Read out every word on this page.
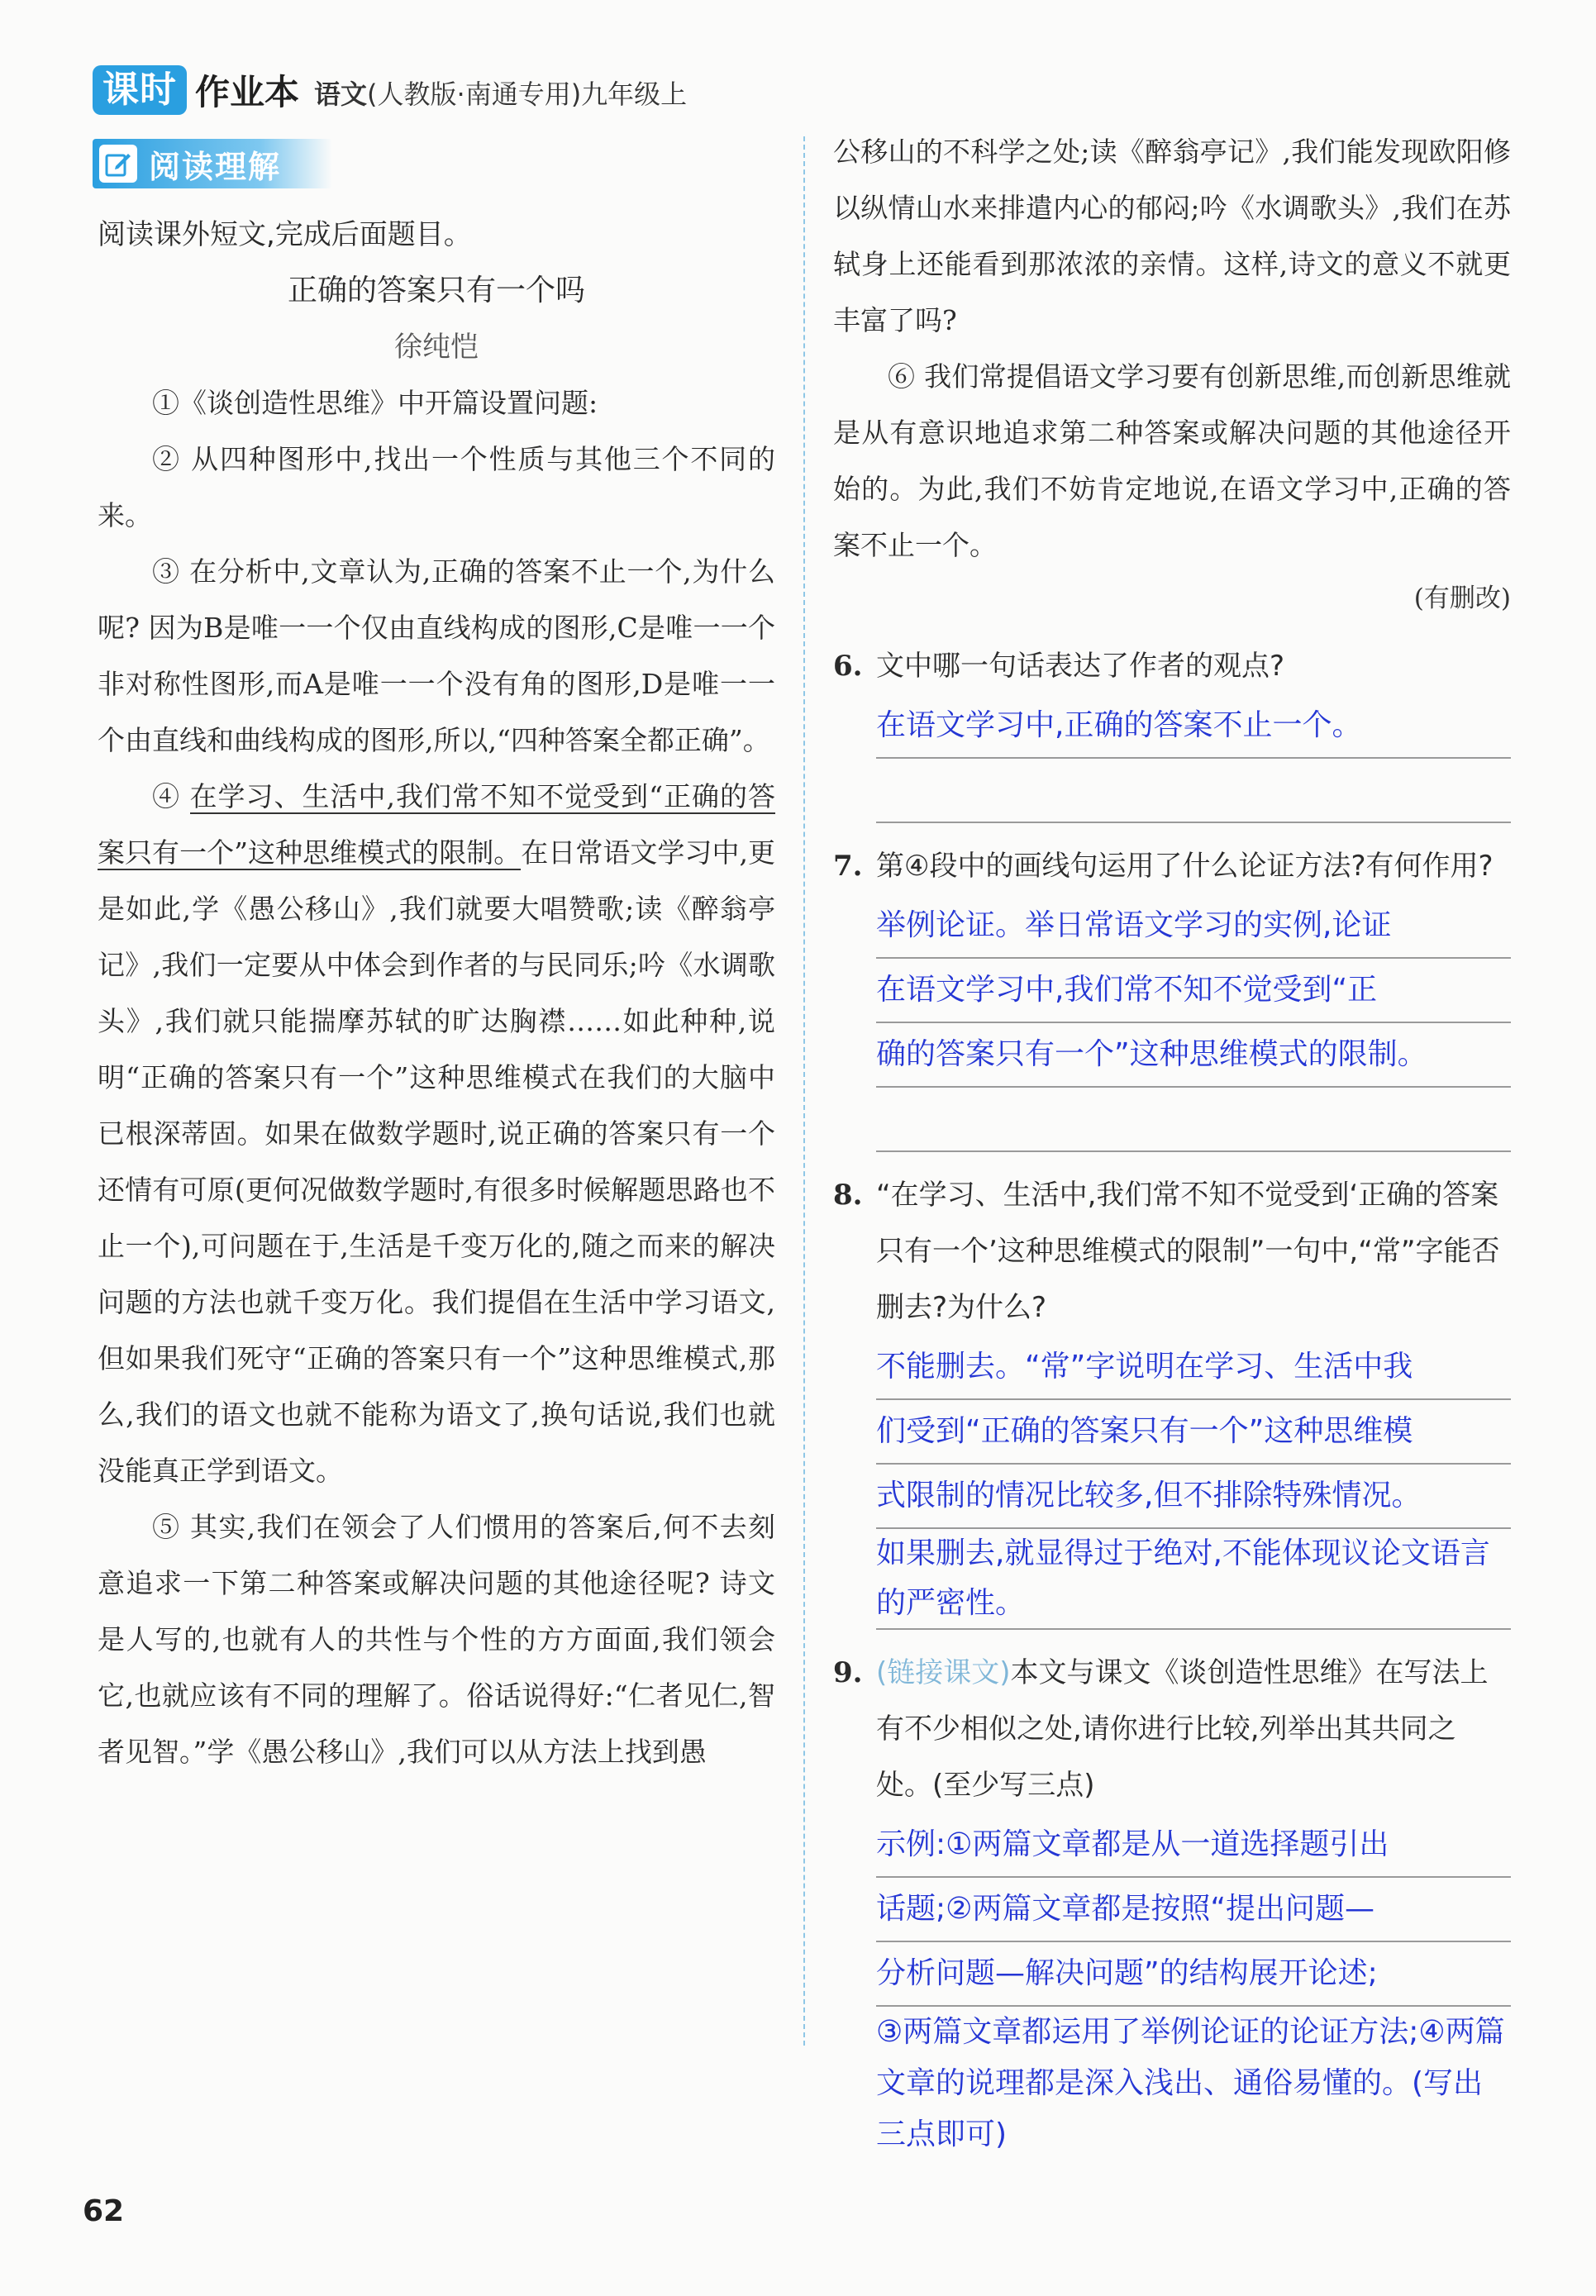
课时 作业本 语文(人教版·南通专用)九年级上
阅读理解

阅读课外短文,完成后面题目。

正确的答案只有一个吗

徐纯恺

①《谈创造性思维》中开篇设置问题:

② 从四种图形中,找出一个性质与其他三个不同的来。

③ 在分析中,文章认为,正确的答案不止一个,为什么呢? 因为B是唯一一个仅由直线构成的图形,C是唯一一个非对称性图形,而A是唯一一个没有角的图形,D是唯一一个由直线和曲线构成的图形,所以,“四种答案全都正确”。

④ 在学习、生活中,我们常不知不觉受到“正确的答案只有一个”这种思维模式的限制。在日常语文学习中,更是如此,学《愚公移山》,我们就要大唱赞歌;读《醉翁亭记》,我们一定要从中体会到作者的与民同乐;吟《水调歌头》,我们就只能揣摩苏轼的旷达胸襟……如此种种,说明“正确的答案只有一个”这种思维模式在我们的大脑中已根深蒂固。如果在做数学题时,说正确的答案只有一个还情有可原(更何况做数学题时,有很多时候解题思路也不止一个),可问题在于,生活是千变万化的,随之而来的解决问题的方法也就千变万化。我们提倡在生活中学习语文,但如果我们死守“正确的答案只有一个”这种思维模式,那么,我们的语文也就不能称为语文了,换句话说,我们也就没能真正学到语文。

⑤ 其实,我们在领会了人们惯用的答案后,何不去刻意追求一下第二种答案或解决问题的其他途径呢? 诗文是人写的,也就有人的共性与个性的方方面面,我们领会它,也就应该有不同的理解了。俗话说得好:“仁者见仁,智者见智。”学《愚公移山》,我们可以从方法上找到愚

公移山的不科学之处;读《醉翁亭记》,我们能发现欧阳修以纵情山水来排遣内心的郁闷;吟《水调歌头》,我们在苏轼身上还能看到那浓浓的亲情。这样,诗文的意义不就更丰富了吗?

⑥ 我们常提倡语文学习要有创新思维,而创新思维就是从有意识地追求第二种答案或解决问题的其他途径开始的。为此,我们不妨肯定地说,在语文学习中,正确的答案不止一个。

(有删改)

6. 文中哪一句话表达了作者的观点?
在语文学习中,正确的答案不止一个。
7. 第④段中的画线句运用了什么论证方法?有何作用?
举例论证。举日常语文学习的实例,论证
在语文学习中,我们常不知不觉受到“正
确的答案只有一个”这种思维模式的限制。
8. “在学习、生活中,我们常不知不觉受到‘正确的答案只有一个’这种思维模式的限制”一句中,“常”字能否删去?为什么?
不能删去。“常”字说明在学习、生活中我
们受到“正确的答案只有一个”这种思维模
式限制的情况比较多,但不排除特殊情况。
如果删去,就显得过于绝对,不能体现议论文语言的严密性。
9. (链接课文)本文与课文《谈创造性思维》在写法上有不少相似之处,请你进行比较,列举出其共同之处。(至少写三点)
示例:①两篇文章都是从一道选择题引出
话题;②两篇文章都是按照“提出问题—
分析问题—解决问题”的结构展开论述;
③两篇文章都运用了举例论证的论证方法;④两篇文章的说理都是深入浅出、通俗易懂的。(写出三点即可)
62
